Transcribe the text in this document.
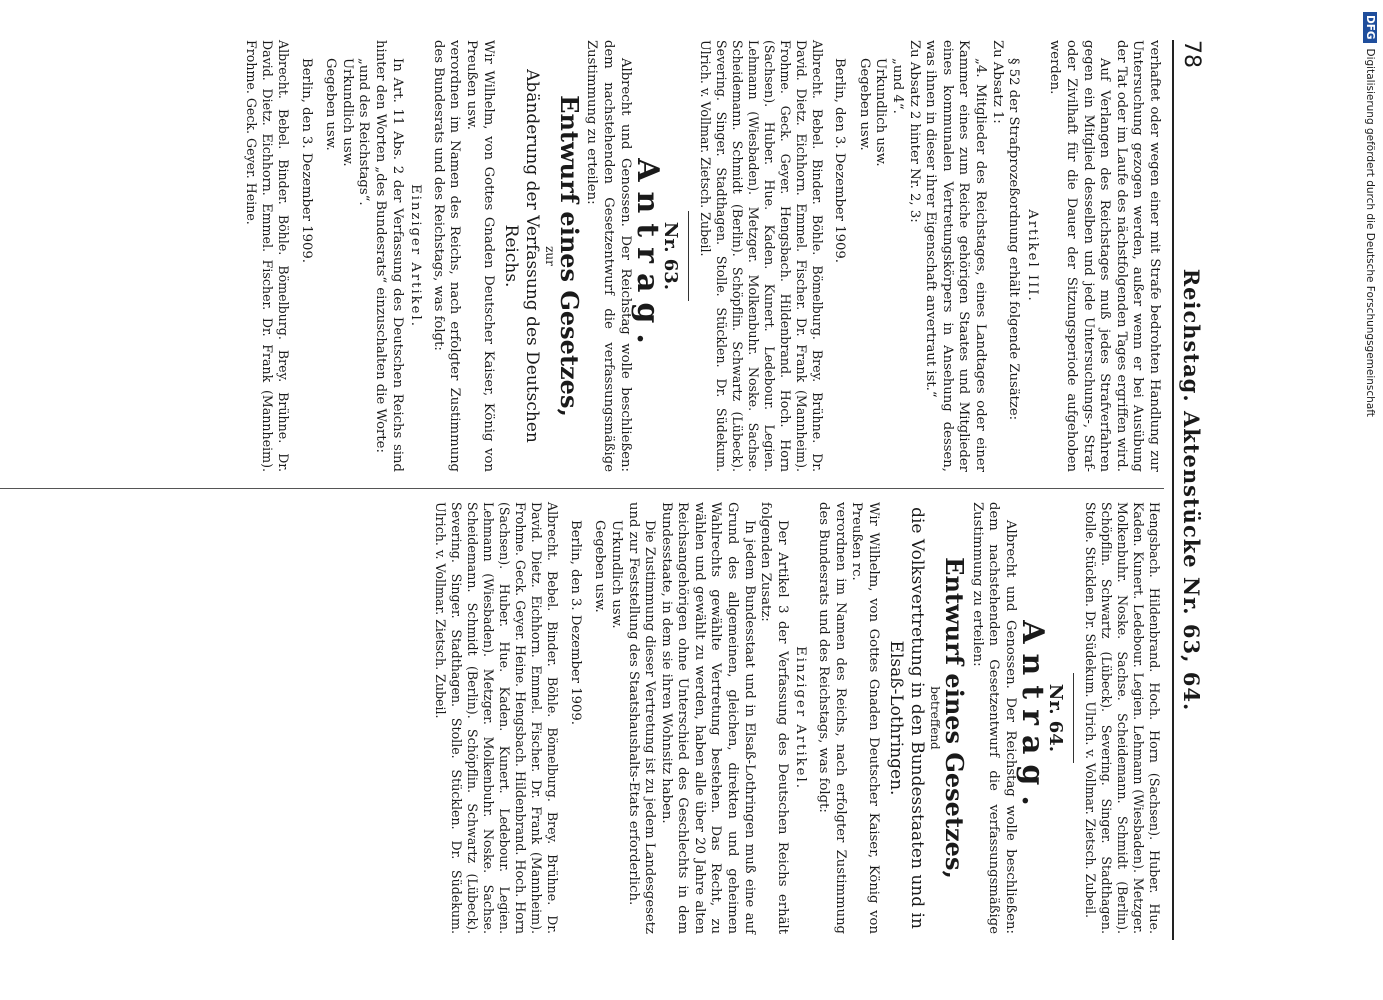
78
Reichstag. Aktenstücke Nr. 63, 64.

verhaftet oder wegen einer mit Strafe bedrohten Handlung zur Untersuchung gezogen werden, außer wenn er bei Ausübung der Tat oder im Laufe des nächstfolgenden Tages ergriffen wird.

Auf Verlangen des Reichstages muß jedes Strafverfahren gegen ein Mitglied desselben und jede Untersuchungs-, Straf- oder Zivilhaft für die Dauer der Sitzungsperiode aufgehoben werden.

Artikel III.

§ 52 der Strafprozeßordnung erhält folgende Zusätze:

Zu Absatz 1:

„4. Mitglieder des Reichstages, eines Landtages oder einer Kammer eines zum Reiche gehörigen Staates und Mitglieder eines kommunalen Vertretungskörpers in Ansehung dessen, was ihnen in dieser ihrer Eigenschaft anvertraut ist.“

Zu Absatz 2 hinter Nr. 2, 3:

„und 4“.

Urkundlich usw.

Gegeben usw.

Berlin, den 3. Dezember 1909.

Albrecht. Bebel. Binder. Böhle. Bömelburg. Brey. Brühne. Dr. David. Dietz. Eichhorn. Emmel. Fischer. Dr. Frank (Mannheim). Frohme. Geck. Geyer. Hengsbach. Hildenbrand. Hoch. Horn (Sachsen). Huber. Hue. Kaden. Kunert. Ledebour. Legien. Lehmann (Wiesbaden). Metzger. Molkenbuhr. Noske. Sachse. Scheidemann. Schmidt (Berlin). Schöpflin. Schwartz (Lübeck). Severing. Singer. Stadthagen. Stolle. Stücklen. Dr. Südekum. Ulrich. v. Vollmar. Zietsch. Zubeil.

Nr. 63.

Antrag.

Albrecht und Genossen. Der Reichstag wolle beschließen: dem nachstehenden Gesetzentwurf die verfassungsmäßige Zustimmung zu erteilen:

Entwurf eines Gesetzes,

zur

Abänderung der Verfassung des Deutschen Reichs.

Wir Wilhelm, von Gottes Gnaden Deutscher Kaiser, König von Preußen usw.

verordnen im Namen des Reichs, nach erfolgter Zustimmung des Bundesrats und des Reichstags, was folgt:

Einziger Artikel.

In Art. 11 Abs. 2 der Verfassung des Deutschen Reichs sind hinter den Worten „des Bundesrats“ einzuschalten die Worte:

„und des Reichstags“.

Urkundlich usw.

Gegeben usw.

Berlin, den 3. Dezember 1909.

Albrecht. Bebel. Binder. Böhle. Bömelburg. Brey. Brühne. Dr. David. Dietz. Eichhorn. Emmel. Fischer. Dr. Frank (Mannheim). Frohme. Geck. Geyer. Heine.

Hengsbach. Hildenbrand. Hoch. Horn (Sachsen). Huber. Hue. Kaden. Kunert. Ledebour. Legien. Lehmann (Wiesbaden). Metzger. Molkenbuhr. Noske. Sachse. Scheidemann. Schmidt (Berlin). Schöpflin. Schwartz (Lübeck). Severing. Singer. Stadthagen. Stolle. Stücklen. Dr. Südekum. Ulrich. v. Vollmar. Zietsch. Zubeil.

Nr. 64.

Antrag.

Albrecht und Genossen. Der Reichstag wolle beschließen: dem nachstehenden Gesetzentwurf die verfassungsmäßige Zustimmung zu erteilen:

Entwurf eines Gesetzes,

betreffend

die Volksvertretung in den Bundesstaaten und in Elsaß-Lothringen.

Wir Wilhelm, von Gottes Gnaden Deutscher Kaiser, König von Preußen rc.

verordnen im Namen des Reichs, nach erfolgter Zustimmung des Bundesrats und des Reichstags, was folgt:

Einziger Artikel.

Der Artikel 3 der Verfassung des Deutschen Reichs erhält folgenden Zusatz:

In jedem Bundesstaat und in Elsaß-Lothringen muß eine auf Grund des allgemeinen, gleichen, direkten und geheimen Wahlrechts gewählte Vertretung bestehen. Das Recht, zu wählen und gewählt zu werden, haben alle über 20 Jahre alten Reichsangehörigen ohne Unterschied des Geschlechts in dem Bundesstaate, in dem sie ihren Wohnsitz haben.

Die Zustimmung dieser Vertretung ist zu jedem Landesgesetz und zur Feststellung des Staatshaushalts-Etats erforderlich.

Urkundlich usw.

Gegeben usw.

Berlin, den 3. Dezember 1909.

Albrecht. Bebel. Binder. Böhle. Bömelburg. Brey. Brühne. Dr. David. Dietz. Eichhorn. Emmel. Fischer. Dr. Frank (Mannheim). Frohme. Geck. Geyer. Heine. Hengsbach. Hildenbrand. Hoch. Horn (Sachsen). Huber. Hue. Kaden. Kunert. Ledebour. Legien. Lehmann (Wiesbaden). Metzger. Molkenbuhr. Noske. Sachse. Scheidemann. Schmidt (Berlin). Schöpflin. Schwartz (Lübeck). Severing. Singer. Stadthagen. Stolle. Stücklen. Dr. Südekum. Ulrich. v. Vollmar. Zietsch. Zubeil.

DFGDigitalisierung gefördert durch die Deutsche Forschungsgemeinschaft
